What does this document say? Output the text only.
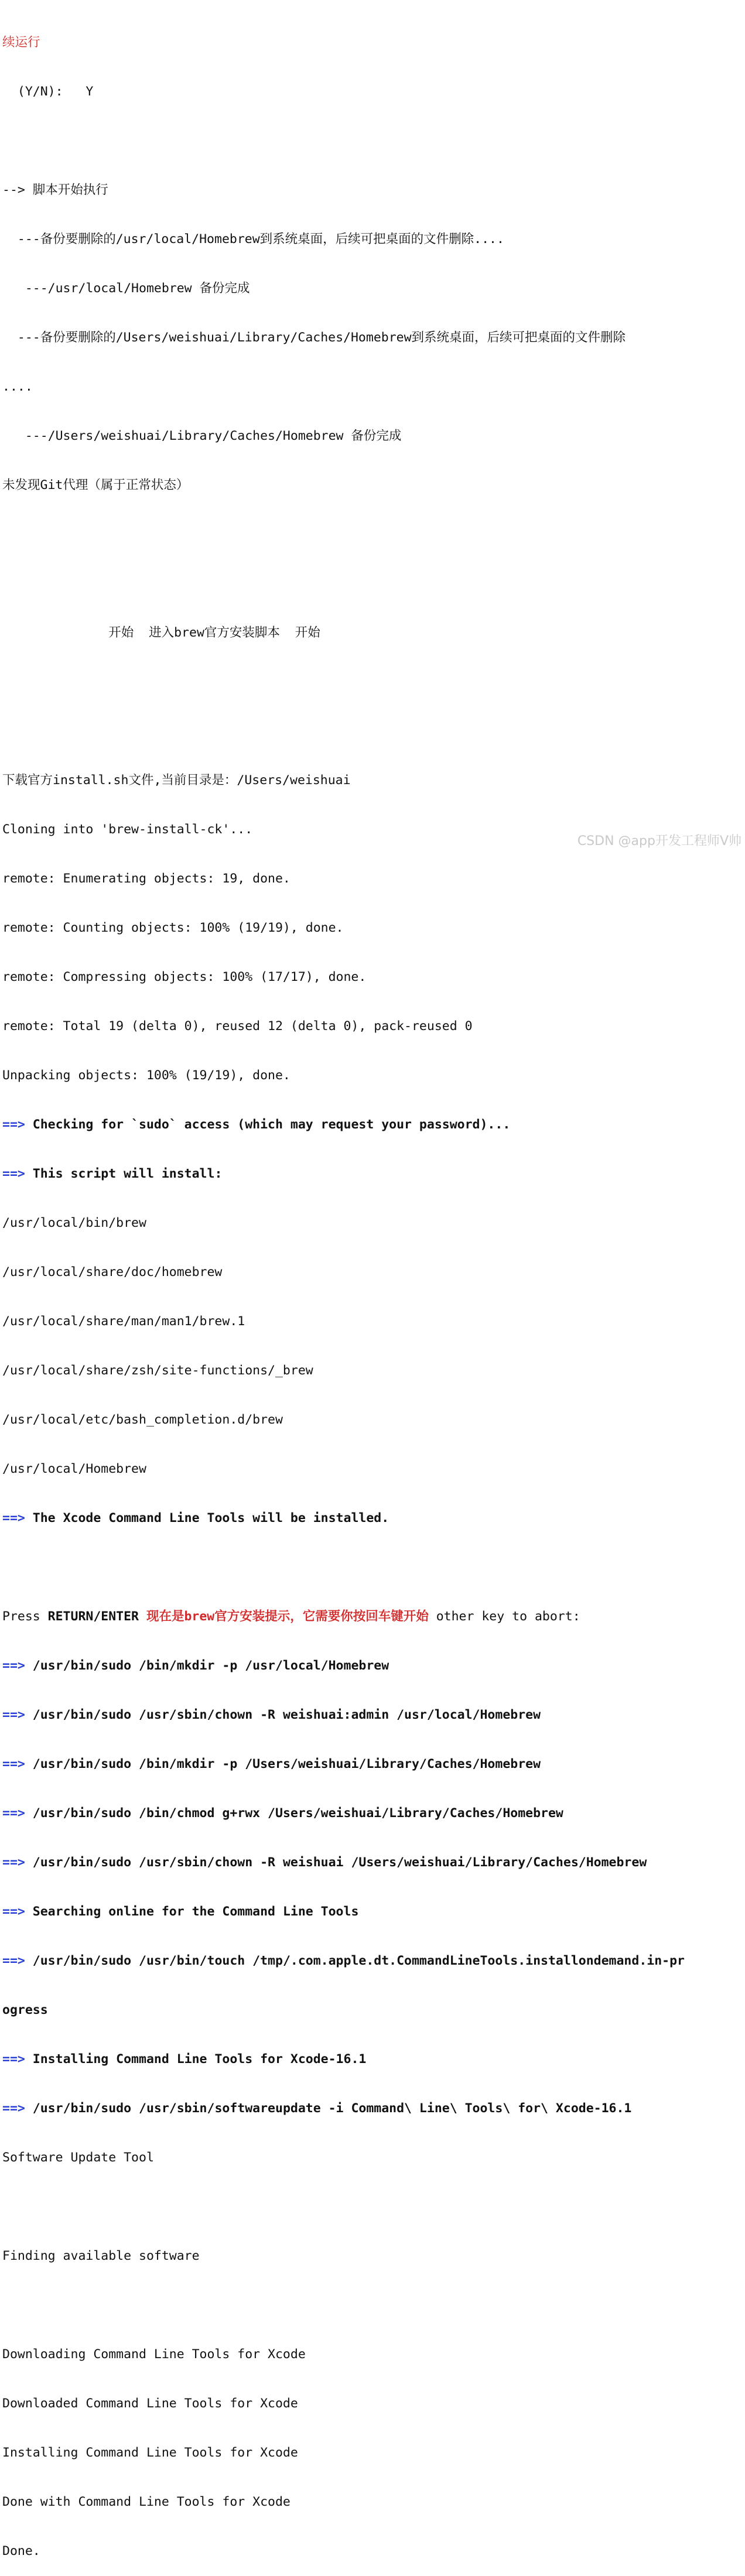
续运行

(Y/N):   Y

--> 脚本开始执行

---备份要删除的/usr/local/Homebrew到系统桌面，后续可把桌面的文件删除....

---/usr/local/Homebrew 备份完成

---备份要删除的/Users/weishuai/Library/Caches/Homebrew到系统桌面，后续可把桌面的文件删除

....

---/Users/weishuai/Library/Caches/Homebrew 备份完成

未发现Git代理（属于正常状态）

开始  进入brew官方安装脚本  开始

下载官方install.sh文件,当前目录是：/Users/weishuai

Cloning into 'brew-install-ck'...

remote: Enumerating objects: 19, done.

remote: Counting objects: 100% (19/19), done.

remote: Compressing objects: 100% (17/17), done.

remote: Total 19 (delta 0), reused 12 (delta 0), pack-reused 0

Unpacking objects: 100% (19/19), done.

==> Checking for `sudo` access (which may request your password)...

==> This script will install:

/usr/local/bin/brew

/usr/local/share/doc/homebrew

/usr/local/share/man/man1/brew.1

/usr/local/share/zsh/site-functions/_brew

/usr/local/etc/bash_completion.d/brew

/usr/local/Homebrew

==> The Xcode Command Line Tools will be installed.

Press RETURN/ENTER 现在是brew官方安装提示，它需要你按回车键开始 other key to abort:

==> /usr/bin/sudo /bin/mkdir -p /usr/local/Homebrew

==> /usr/bin/sudo /usr/sbin/chown -R weishuai:admin /usr/local/Homebrew

==> /usr/bin/sudo /bin/mkdir -p /Users/weishuai/Library/Caches/Homebrew

==> /usr/bin/sudo /bin/chmod g+rwx /Users/weishuai/Library/Caches/Homebrew

==> /usr/bin/sudo /usr/sbin/chown -R weishuai /Users/weishuai/Library/Caches/Homebrew

==> Searching online for the Command Line Tools

==> /usr/bin/sudo /usr/bin/touch /tmp/.com.apple.dt.CommandLineTools.installondemand.in-pr

ogress

==> Installing Command Line Tools for Xcode-16.1

==> /usr/bin/sudo /usr/sbin/softwareupdate -i Command\ Line\ Tools\ for\ Xcode-16.1

Software Update Tool

Finding available software

Downloading Command Line Tools for Xcode

Downloaded Command Line Tools for Xcode

Installing Command Line Tools for Xcode

Done with Command Line Tools for Xcode

Done.

CSDN @app开发工程师V帅
